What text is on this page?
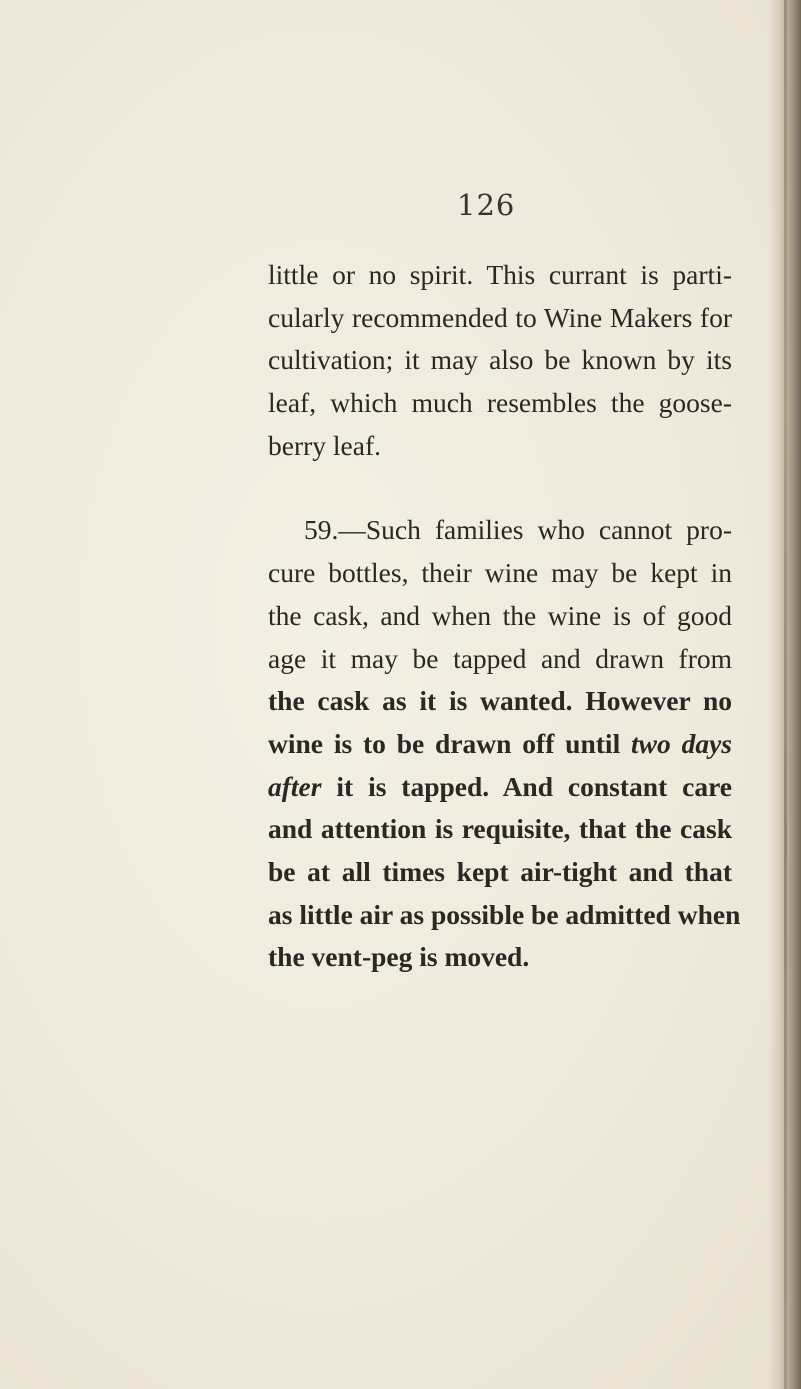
126
little or no spirit. This currant is parti-
cularly recommended to Wine Makers for
cultivation; it may also be known by its
leaf, which much resembles the goose-
berry leaf.
59.—Such families who cannot pro-
cure bottles, their wine may be kept in
the cask, and when the wine is of good
age it may be tapped and drawn from
the cask as it is wanted. However no
wine is to be drawn off until two days
after it is tapped. And constant care
and attention is requisite, that the cask
be at all times kept air-tight and that
as little air as possible be admitted when
the vent-peg is moved.
